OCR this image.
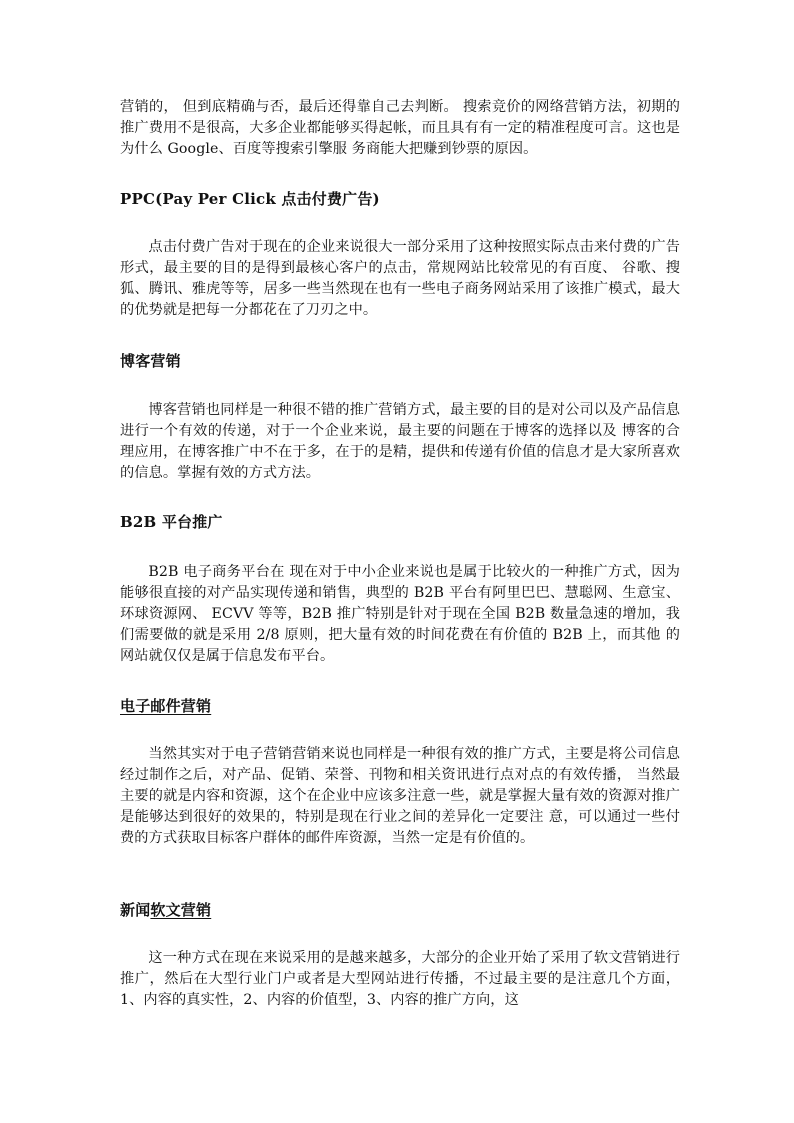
营销的， 但到底精确与否，最后还得靠自己去判断。 搜索竞价的网络营销方法，初期的推广费用不是很高，大多企业都能够买得起帐，而且具有有一定的精准程度可言。这也是为什么 Google、百度等搜索引擎服 务商能大把赚到钞票的原因。

PPC(Pay Per Click 点击付费广告)

点击付费广告对于现在的企业来说很大一部分采用了这种按照实际点击来付费的广告形式，最主要的目的是得到最核心客户的点击，常规网站比较常见的有百度、 谷歌、搜狐、腾讯、雅虎等等，居多一些当然现在也有一些电子商务网站采用了该推广模式，最大的优势就是把每一分都花在了刀刃之中。

博客营销

博客营销也同样是一种很不错的推广营销方式，最主要的目的是对公司以及产品信息进行一个有效的传递，对于一个企业来说，最主要的问题在于博客的选择以及 博客的合理应用，在博客推广中不在于多，在于的是精，提供和传递有价值的信息才是大家所喜欢的信息。掌握有效的方式方法。

B2B 平台推广

B2B 电子商务平台在 现在对于中小企业来说也是属于比较火的一种推广方式，因为能够很直接的对产品实现传递和销售，典型的 B2B 平台有阿里巴巴、慧聪网、生意宝、环球资源网、 ECVV 等等，B2B 推广特别是针对于现在全国 B2B 数量急速的增加，我们需要做的就是采用 2/8 原则，把大量有效的时间花费在有价值的 B2B 上，而其他 的网站就仅仅是属于信息发布平台。

电子邮件营销

当然其实对于电子营销营销来说也同样是一种很有效的推广方式，主要是将公司信息经过制作之后，对产品、促销、荣誉、刊物和相关资讯进行点对点的有效传播， 当然最主要的就是内容和资源，这个在企业中应该多注意一些，就是掌握大量有效的资源对推广是能够达到很好的效果的，特别是现在行业之间的差异化一定要注 意，可以通过一些付费的方式获取目标客户群体的邮件库资源，当然一定是有价值的。

新闻软文营销

这一种方式在现在来说采用的是越来越多，大部分的企业开始了采用了软文营销进行推广，然后在大型行业门户或者是大型网站进行传播，不过最主要的是注意几个方面，1、内容的真实性，2、内容的价值型，3、内容的推广方向，这
